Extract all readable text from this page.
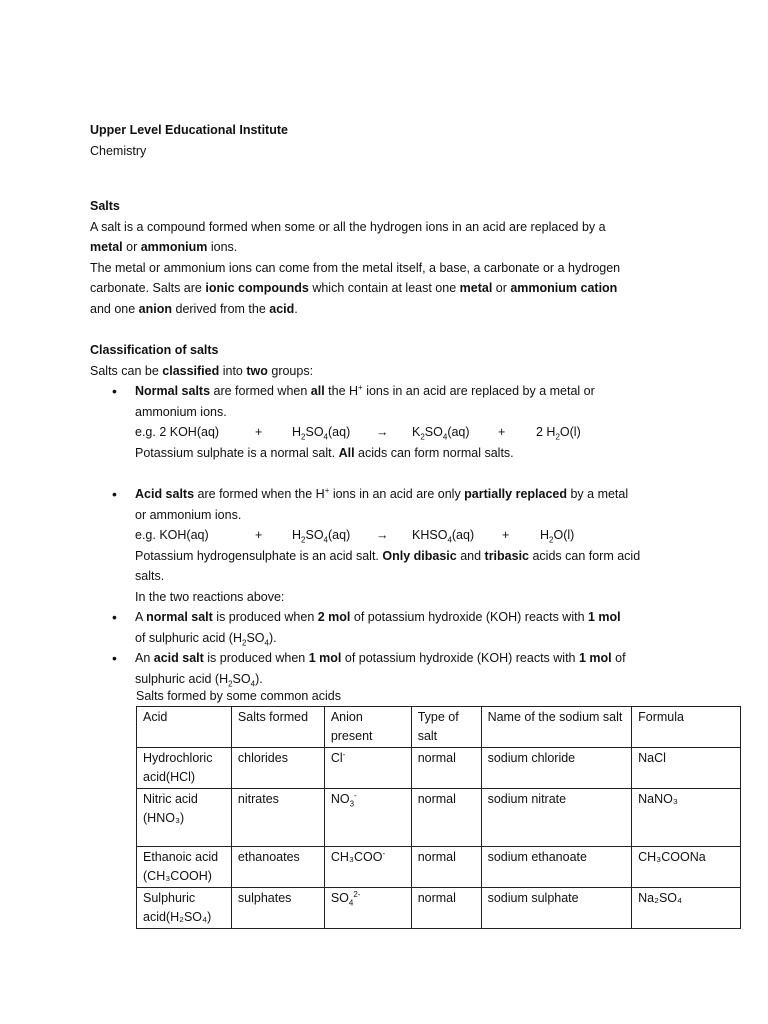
Upper Level Educational Institute

Chemistry

Salts

A salt is a compound formed when some or all the hydrogen ions in an acid are replaced by a

metal or ammonium ions.

The metal or ammonium ions can come from the metal itself, a base, a carbonate or a hydrogen

carbonate. Salts are ionic compounds which contain at least one metal or ammonium cation

and one anion derived from the acid.

Classification of salts

Salts can be classified into two groups:

• Normal salts are formed when all the H+ ions in an acid are replaced by a metal or

ammonium ions.

e.g. 2 KOH(aq)	+ $H_2SO_4(aq) \to K_2SO_4(aq) + 2$ $H_2O(l)$

Potassium sulphate is a normal salt. All acids can form normal salts.

• Acid salts are formed when the H+ ions in an acid are only partially replaced by a metal

or ammonium ions.

e.g. KOH(aq)	+ $H_2SO_4(aq)$ → $KHSO_4(aq) + H_2O(l)$

Potassium hydrogensulphate is an acid salt. Only dibasic and tribasic acids can form acid

salts.

In the two reactions above:

• A normal salt is produced when 2 mol of potassium hydroxide (KOH) reacts with 1 mol

of sulphuric acid $(H_2SO_4)$.

• An acid salt is produced when 1 mol of potassium hydroxide (KOH) reacts with 1 mol of

sulphuric acid $(H_2SO_4)$.

Salts formed by some common acids

Acid	Salts formed	Anion present	Type of salt	Name of the sodium salt	Formula
Hydrochloric acid(HCl)	chlorides	Cl-	normal	sodium chloride	NaCl
Nitric acid (HNO₃)	nitrates	$NO_3^-$	normal	sodium nitrate	NaNO₃
Ethanoic acid (CH₃COOH)	ethanoates	CH₃COO-	normal	sodium ethanoate	CH₃COONa
Sulphuric acid(H₂SO₄)	sulphates	$SO_4^{2-}$	normal	sodium sulphate	Na₂SO₄
